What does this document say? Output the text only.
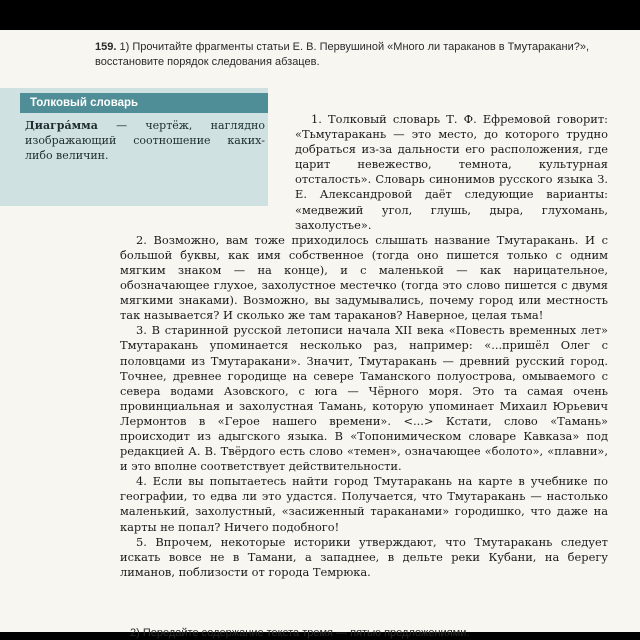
159. 1) Прочитайте фрагменты статьи Е. В. Первушиной «Много ли тараканов в Тмутаракани?», восстановите порядок следования абзацев.
Толковый словарь
Диагра́мма — чертёж, наглядно изображающий соотношение каких-либо величин.

1. Толковый словарь Т. Ф. Ефремовой говорит: «Тьмутаракань — это место, до которого трудно добраться из-за дальности его расположения, где царит невежество, темнота, культурная отсталость». Словарь синонимов русского языка З. Е. Александровой даёт следующие варианты: «медвежий угол, глушь, дыра, глухомань, захолустье».

2. Возможно, вам тоже приходилось слышать название Тмутаракань. И с большой буквы, как имя собственное (тогда оно пишется только с одним мягким знаком — на конце), и с маленькой — как нарицательное, обозначающее глухое, захолустное местечко (тогда это слово пишется с двумя мягкими знаками). Возможно, вы задумывались, почему город или местность так называется? И сколько же там тараканов? Наверное, целая тьма!

3. В старинной русской летописи начала XII века «Повесть временных лет» Тмутаракань упоминается несколько раз, например: «...пришёл Олег с половцами из Тмутаракани». Значит, Тмутаракань — древний русский город. Точнее, древнее городище на севере Таманского полуострова, омываемого с севера водами Азовского, с юга — Чёрного моря. Это та самая очень провинциальная и захолустная Тамань, которую упоминает Михаил Юрьевич Лермонтов в «Герое нашего времени». <...> Кстати, слово «Тамань» происходит из адыгского языка. В «Топонимическом словаре Кавказа» под редакцией А. В. Твёрдого есть слово «темен», означающее «болото», «плавни», и это вполне соответствует действительности.

4. Если вы попытаетесь найти город Тмутаракань на карте в учебнике по географии, то едва ли это удастся. Получается, что Тмутаракань — настолько маленький, захолустный, «засиженный тараканами» городишко, что даже на карты не попал? Ничего подобного!

5. Впрочем, некоторые историки утверждают, что Тмутаракань следует искать вовсе не в Тамани, а западнее, в дельте реки Кубани, на берегу лиманов, поблизости от города Темрюка.

2) Передайте содержание текста тремя — пятью предложениями.
